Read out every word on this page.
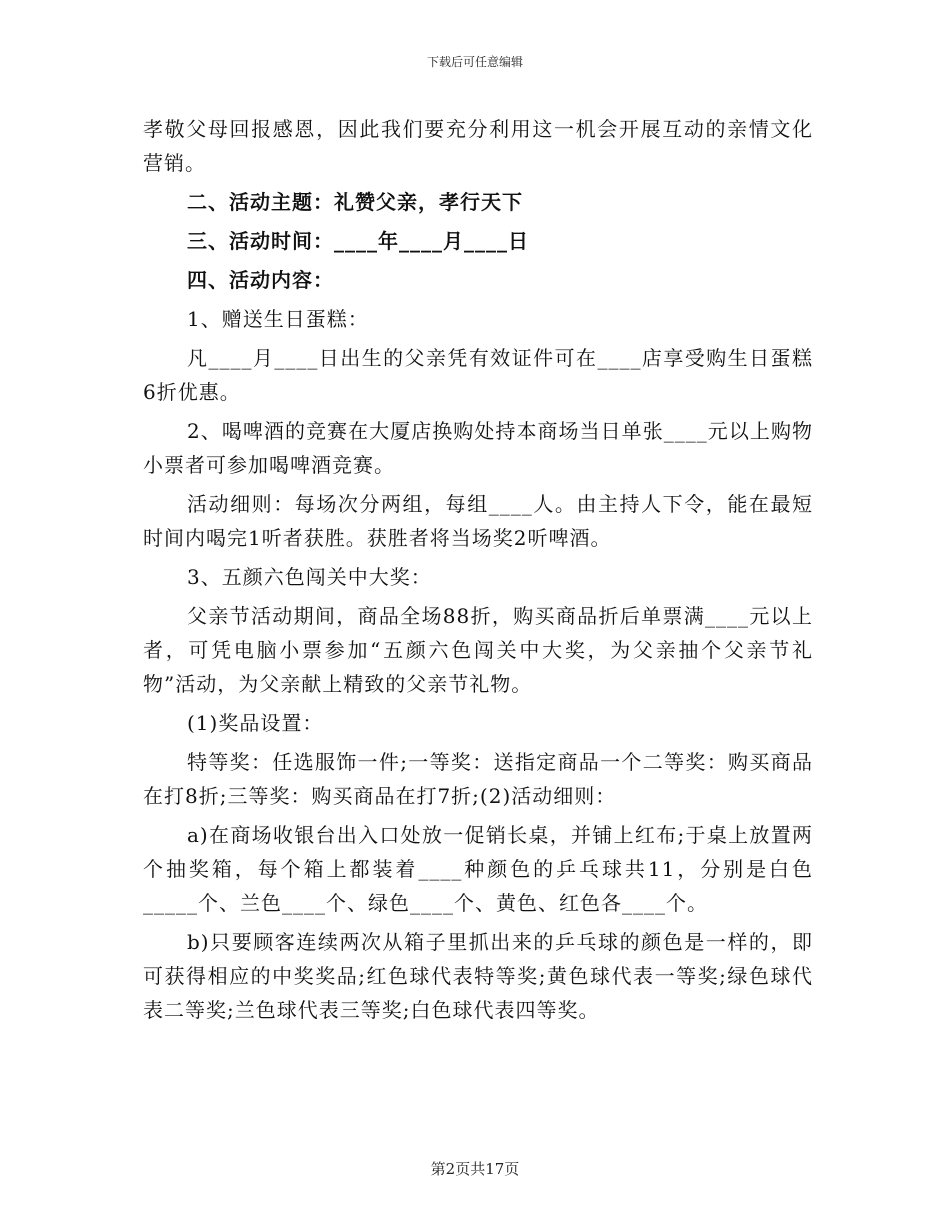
下载后可任意编辑

孝敬父母回报感恩，因此我们要充分利用这一机会开展互动的亲情文化营销。

二、活动主题：礼赞父亲，孝行天下

三、活动时间：____年____月____日

四、活动内容：

1、赠送生日蛋糕：

凡____月____日出生的父亲凭有效证件可在____店享受购生日蛋糕6折优惠。

2、喝啤酒的竞赛在大厦店换购处持本商场当日单张____元以上购物小票者可参加喝啤酒竞赛。

活动细则：每场次分两组，每组____人。由主持人下令，能在最短时间内喝完1听者获胜。获胜者将当场奖2听啤酒。

3、五颜六色闯关中大奖：

父亲节活动期间，商品全场88折，购买商品折后单票满____元以上者，可凭电脑小票参加“五颜六色闯关中大奖，为父亲抽个父亲节礼物”活动，为父亲献上精致的父亲节礼物。

(1)奖品设置：

特等奖：任选服饰一件;一等奖：送指定商品一个二等奖：购买商品在打8折;三等奖：购买商品在打7折;(2)活动细则：

a)在商场收银台出入口处放一促销长桌，并铺上红布;于桌上放置两个抽奖箱，每个箱上都装着____种颜色的乒乓球共11，分别是白色_____个、兰色____个、绿色____个、黄色、红色各____个。

b)只要顾客连续两次从箱子里抓出来的乒乓球的颜色是一样的，即可获得相应的中奖奖品;红色球代表特等奖;黄色球代表一等奖;绿色球代表二等奖;兰色球代表三等奖;白色球代表四等奖。

第2页共17页
